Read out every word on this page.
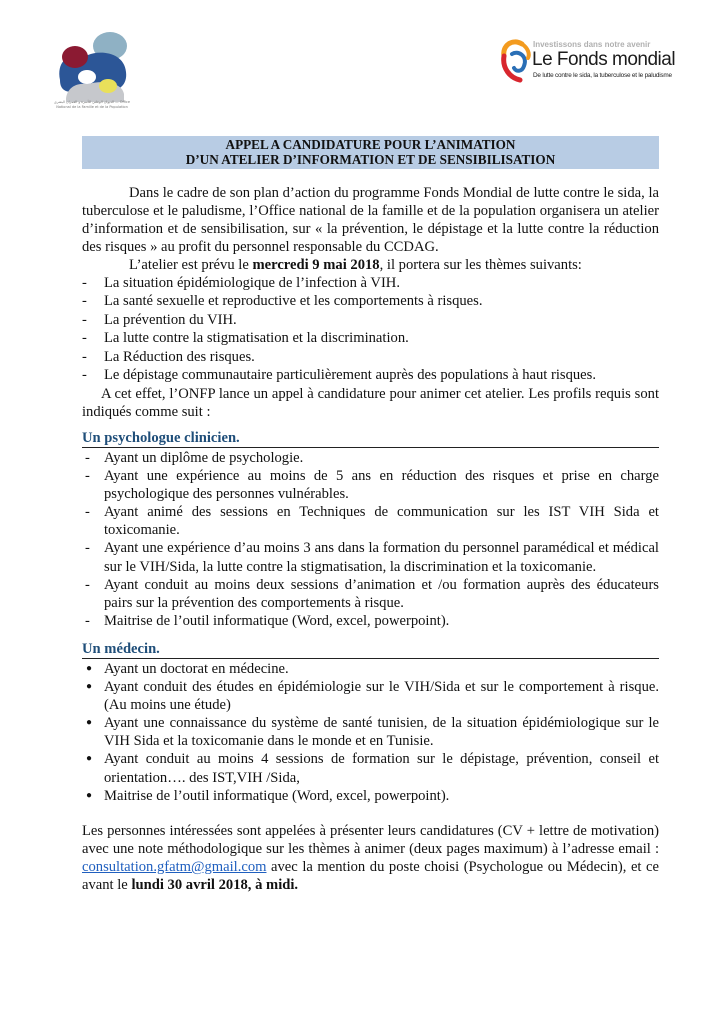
الديوان الوطني للأسرة و العمران البشري — Office National de la Famille et de la Population
Investissons dans notre avenir
Le Fonds mondial
De lutte contre le sida, la tuberculose et le paludisme
APPEL A CANDIDATURE POUR L’ANIMATION
D’UN ATELIER D’INFORMATION ET DE SENSIBILISATION
Dans le cadre de son plan d’action du programme Fonds Mondial de lutte contre le sida, la tuberculose et le paludisme, l’Office national de la famille et de la population organisera un atelier d’information et de sensibilisation, sur « la prévention, le dépistage et la lutte contre la réduction des risques » au profit du personnel responsable du CCDAG.
L’atelier est prévu le mercredi 9 mai 2018, il portera sur les thèmes suivants:
-	La situation épidémiologique de l’infection à VIH.
-	La santé sexuelle et reproductive et les comportements à risques.
-	La prévention du VIH.
-	La lutte contre la stigmatisation et la discrimination.
-	La Réduction des risques.
-	Le dépistage communautaire particulièrement auprès des populations à haut risques.
A cet effet, l’ONFP lance un appel à candidature pour animer cet atelier. Les profils requis sont indiqués comme suit :
Un psychologue clinicien.
- Ayant un diplôme de psychologie.
- Ayant une expérience au moins de 5 ans en réduction des risques et prise en charge psychologique des personnes vulnérables.
- Ayant animé des sessions en Techniques de communication sur les IST VIH Sida et toxicomanie.
- Ayant une expérience d’au moins 3 ans dans la formation du personnel paramédical et médical sur le VIH/Sida, la lutte contre la stigmatisation, la discrimination et la toxicomanie.
- Ayant conduit au moins deux sessions d’animation et /ou formation auprès des éducateurs pairs sur la prévention des comportements à risque.
- Maitrise de l’outil informatique (Word, excel, powerpoint).
Un médecin.
● Ayant un doctorat en médecine.
● Ayant conduit des études en épidémiologie sur le VIH/Sida et sur le comportement à risque. (Au moins une étude)
● Ayant une connaissance du système de santé tunisien, de la situation épidémiologique sur le VIH Sida et la toxicomanie dans le monde et en Tunisie.
● Ayant conduit au moins 4 sessions de formation sur le dépistage, prévention, conseil et orientation…. des IST,VIH /Sida,
● Maitrise de l’outil informatique (Word, excel, powerpoint).
Les personnes intéressées sont appelées à présenter leurs candidatures (CV + lettre de motivation) avec une note méthodologique sur les thèmes à animer (deux pages maximum) à l’adresse email : consultation.gfatm@gmail.com avec la mention du poste choisi (Psychologue ou Médecin), et ce avant le lundi 30 avril 2018, à midi.
